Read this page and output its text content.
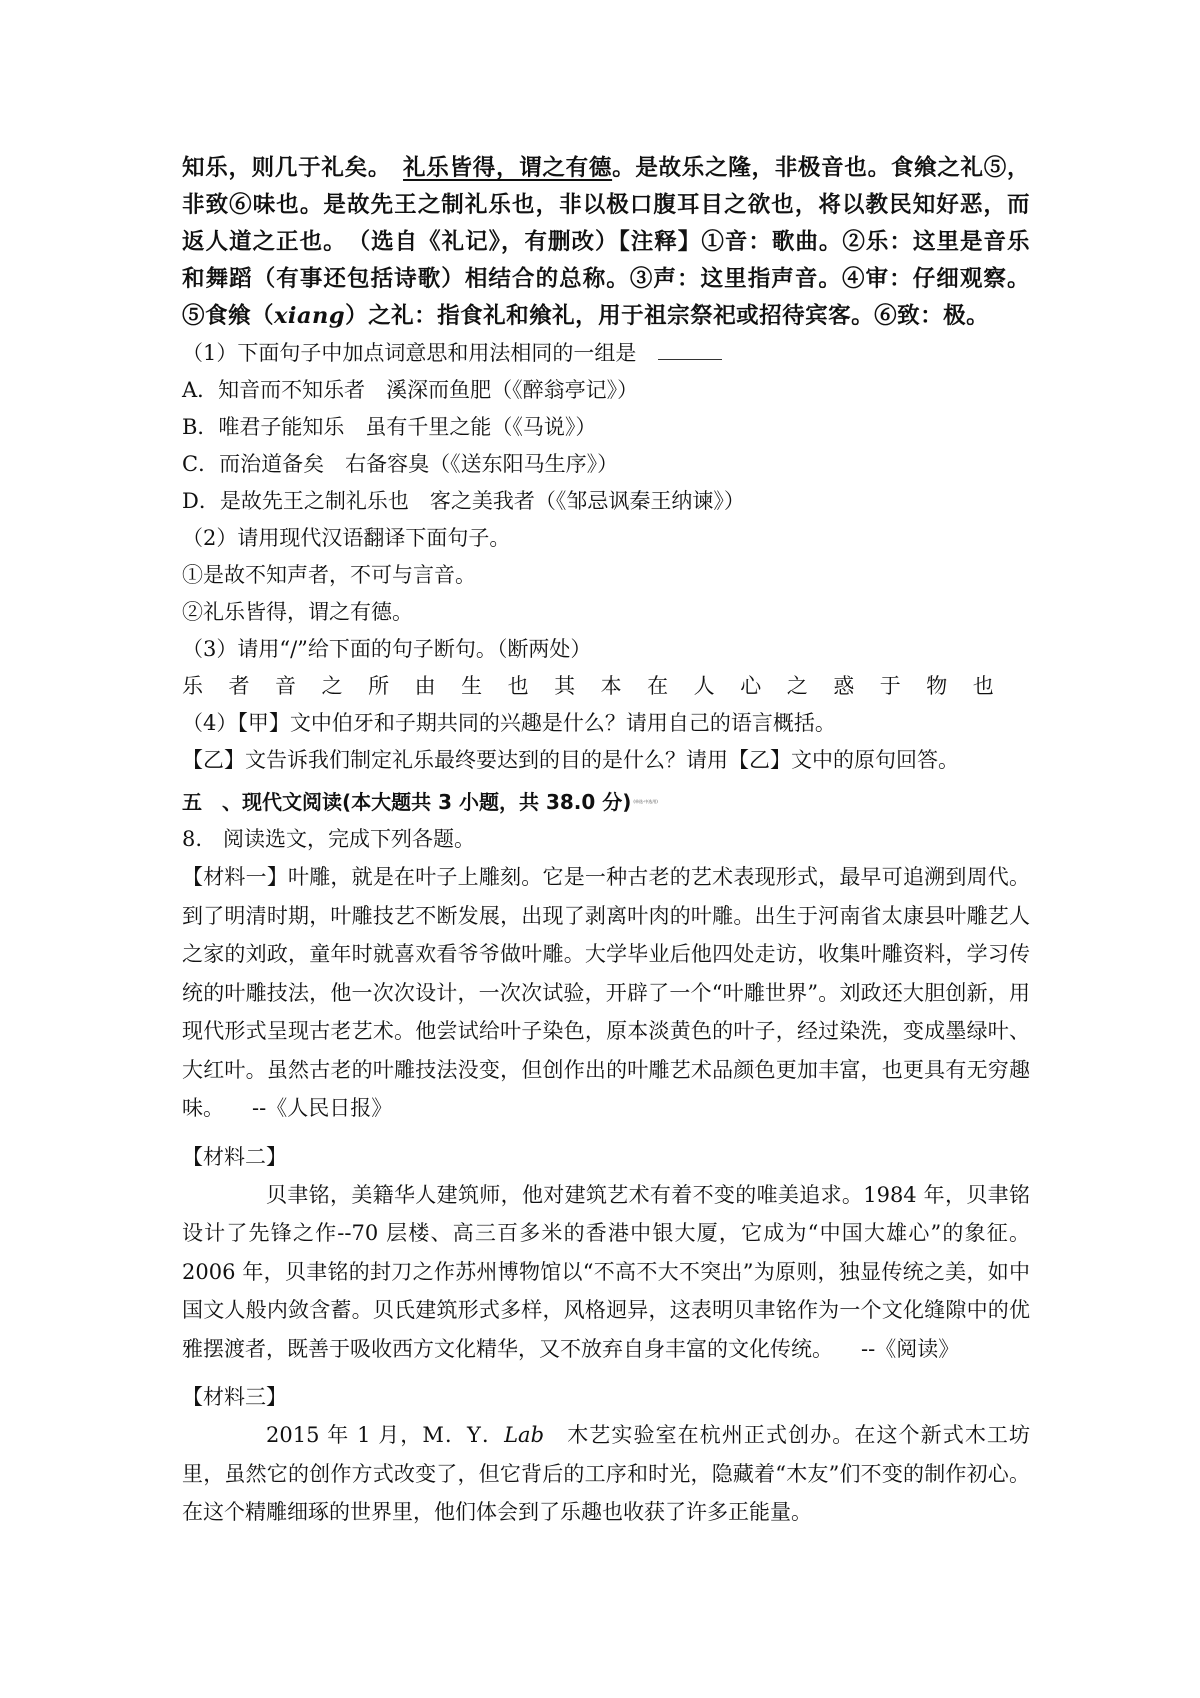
知乐，则几于礼矣。　礼乐皆得，谓之有德。是故乐之隆，非极音也。食飨之礼⑤，非致⑥味也。是故先王之制礼乐也，非以极口腹耳目之欲也，将以教民知好恶，而返人道之正也。　（选自《礼记》，有删改）【注释】①音：歌曲。②乐：这里是音乐和舞蹈（有事还包括诗歌）相结合的总称。③声：这里指声音。④审：仔细观察。⑤食飨（xiang）之礼：指食礼和飨礼，用于祖宗祭祀或招待宾客。⑥致：极。
（1）下面句子中加点词意思和用法相同的一组是
A．知音而不知乐者　溪深而鱼肥（《醉翁亭记》）
B．唯君子能知乐　虽有千里之能（《马说》）
C．而治道备矣　右备容臭（《送东阳马生序》）
D．是故先王之制礼乐也　客之美我者（《邹忌讽秦王纳谏》）
（2）请用现代汉语翻译下面句子。
①是故不知声者，不可与言音。
②礼乐皆得，谓之有德。
（3）请用“/”给下面的句子断句。（断两处）
乐 者 音 之 所 由 生 也 其 本 在 人 心 之 惑 于 物 也
（4）【甲】文中伯牙和子期共同的兴趣是什么？请用自己的语言概括。
【乙】文告诉我们制定礼乐最终要达到的目的是什么？请用【乙】文中的原句回答。
五　、现代文阅读(本大题共 3 小题，共 38.0 分) $^{(单选\cdot 中选用)}$
8.　阅读选文，完成下列各题。

【材料一】叶雕，就是在叶子上雕刻。它是一种古老的艺术表现形式，最早可追溯到周代。到了明清时期，叶雕技艺不断发展，出现了剥离叶肉的叶雕。出生于河南省太康县叶雕艺人之家的刘政，童年时就喜欢看爷爷做叶雕。大学毕业后他四处走访，收集叶雕资料，学习传统的叶雕技法，他一次次设计，一次次试验，开辟了一个“叶雕世界”。刘政还大胆创新，用现代形式呈现古老艺术。他尝试给叶子染色，原本淡黄色的叶子，经过染洗，变成墨绿叶、大红叶。虽然古老的叶雕技法没变，但创作出的叶雕艺术品颜色更加丰富，也更具有无穷趣味。 --《人民日报》

【材料二】

贝聿铭，美籍华人建筑师，他对建筑艺术有着不变的唯美追求。1984 年，贝聿铭设计了先锋之作--70 层楼、高三百多米的香港中银大厦，它成为“中国大雄心”的象征。2006 年，贝聿铭的封刀之作苏州博物馆以“不高不大不突出”为原则，独显传统之美，如中国文人般内敛含蓄。贝氏建筑形式多样，风格迥异，这表明贝聿铭作为一个文化缝隙中的优雅摆渡者，既善于吸收西方文化精华，又不放弃自身丰富的文化传统。 --《阅读》

【材料三】

2015 年 1 月，M．Y．Lab　木艺实验室在杭州正式创办。在这个新式木工坊里，虽然它的创作方式改变了，但它背后的工序和时光，隐藏着“木友”们不变的制作初心。在这个精雕细琢的世界里，他们体会到了乐趣也收获了许多正能量。
